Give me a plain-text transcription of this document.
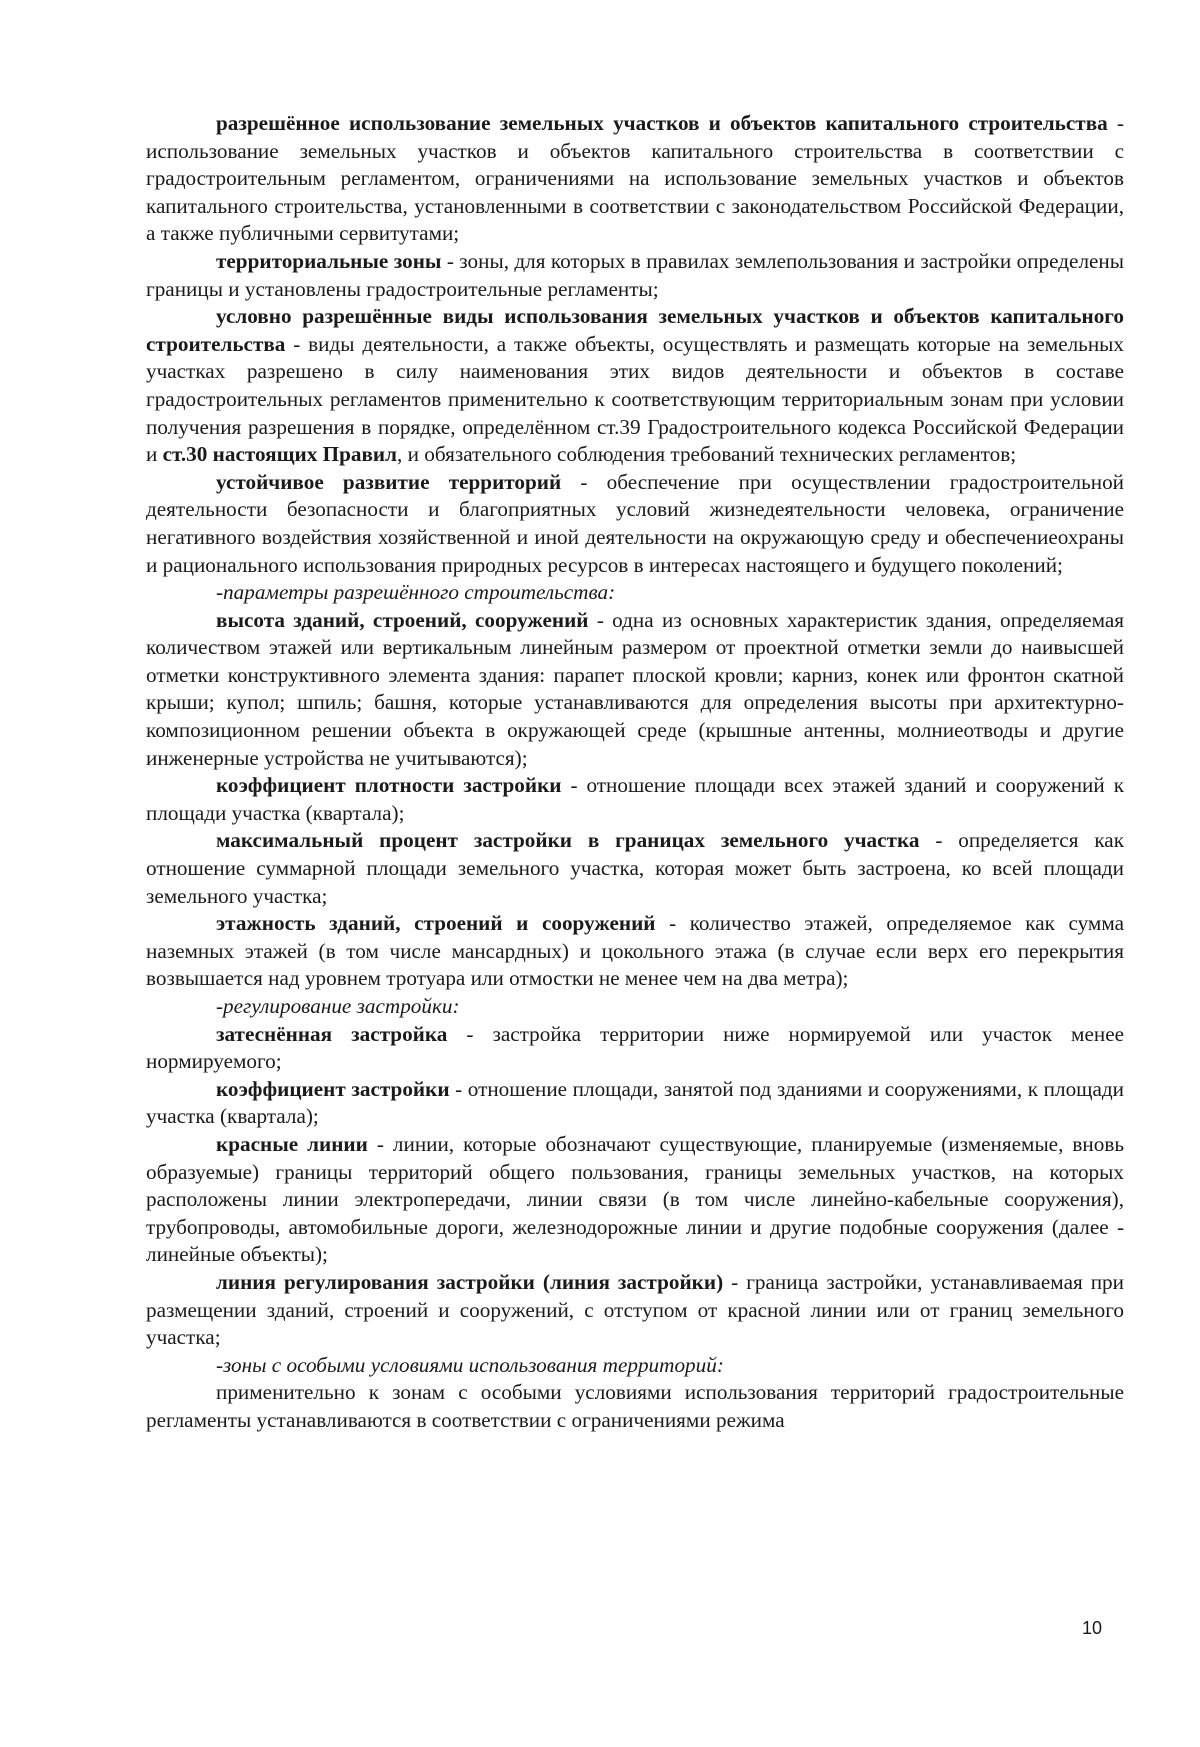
разрешённое использование земельных участков и объектов капитального строительства - использование земельных участков и объектов капитального строительства в соответствии с градостроительным регламентом, ограничениями на использование земельных участков и объектов капитального строительства, установленными в соответствии с законодательством Российской Федерации, а также публичными сервитутами;

территориальные зоны - зоны, для которых в правилах землепользования и застройки определены границы и установлены градостроительные регламенты;

условно разрешённые виды использования земельных участков и объектов капитального строительства - виды деятельности, а также объекты, осуществлять и размещать которые на земельных участках разрешено в силу наименования этих видов деятельности и объектов в составе градостроительных регламентов применительно к соответствующим территориальным зонам при условии получения разрешения в порядке, определённом ст.39 Градостроительного кодекса Российской Федерации и ст.30 настоящих Правил, и обязательного соблюдения требований технических регламентов;

устойчивое развитие территорий - обеспечение при осуществлении градостроительной деятельности безопасности и благоприятных условий жизнедеятельности человека, ограничение негативного воздействия хозяйственной и иной деятельности на окружающую среду и обеспечениеохраны и рационального использования природных ресурсов в интересах настоящего и будущего поколений;

-параметры разрешённого строительства:

высота зданий, строений, сооружений - одна из основных характеристик здания, определяемая количеством этажей или вертикальным линейным размером от проектной отметки земли до наивысшей отметки конструктивного элемента здания: парапет плоской кровли; карниз, конек или фронтон скатной крыши; купол; шпиль; башня, которые устанавливаются для определения высоты при архитектурно-композиционном решении объекта в окружающей среде (крышные антенны, молниеотводы и другие инженерные устройства не учитываются);

коэффициент плотности застройки - отношение площади всех этажей зданий и сооружений к площади участка (квартала);

максимальный процент застройки в границах земельного участка - определяется как отношение суммарной площади земельного участка, которая может быть застроена, ко всей площади земельного участка;

этажность зданий, строений и сооружений - количество этажей, определяемое как сумма наземных этажей (в том числе мансардных) и цокольного этажа (в случае если верх его перекрытия возвышается над уровнем тротуара или отмостки не менее чем на два метра);

-регулирование застройки:

затеснённая застройка - застройка территории ниже нормируемой или участок менее нормируемого;

коэффициент застройки - отношение площади, занятой под зданиями и сооружениями, к площади участка (квартала);

красные линии - линии, которые обозначают существующие, планируемые (изменяемые, вновь образуемые) границы территорий общего пользования, границы земельных участков, на которых расположены линии электропередачи, линии связи (в том числе линейно-кабельные сооружения), трубопроводы, автомобильные дороги, железнодорожные линии и другие подобные сооружения (далее - линейные объекты);

линия регулирования застройки (линия застройки) - граница застройки, устанавливаемая при размещении зданий, строений и сооружений, с отступом от красной линии или от границ земельного участка;

-зоны с особыми условиями использования территорий:

применительно к зонам с особыми условиями использования территорий градостроительные регламенты устанавливаются в соответствии с ограничениями режима

10
